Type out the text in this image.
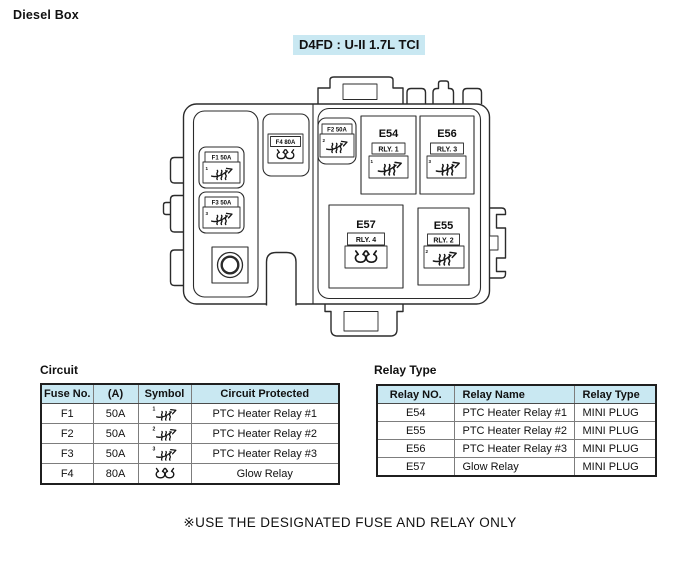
Diesel Box
D4FD : U-II 1.7L TCI
F1 50A
1
F3 50A
3
F4 80A
F2 50A
2
E54
RLY. 1
1
E56
RLY. 3
3
E57
RLY. 4
E55
RLY. 2
2
Circuit
Fuse No.	(A)	Symbol	Circuit Protected
F1	50A	1	PTC Heater Relay #1
F2	50A	2	PTC Heater Relay #2
F3	50A	3	PTC Heater Relay #3
F4	80A		Glow Relay
Relay Type
Relay NO.	Relay Name	Relay Type
E54	PTC Heater Relay #1	MINI PLUG
E55	PTC Heater Relay #2	MINI PLUG
E56	PTC Heater Relay #3	MINI PLUG
E57	Glow Relay	MINI PLUG
※USE THE DESIGNATED FUSE AND RELAY ONLY
